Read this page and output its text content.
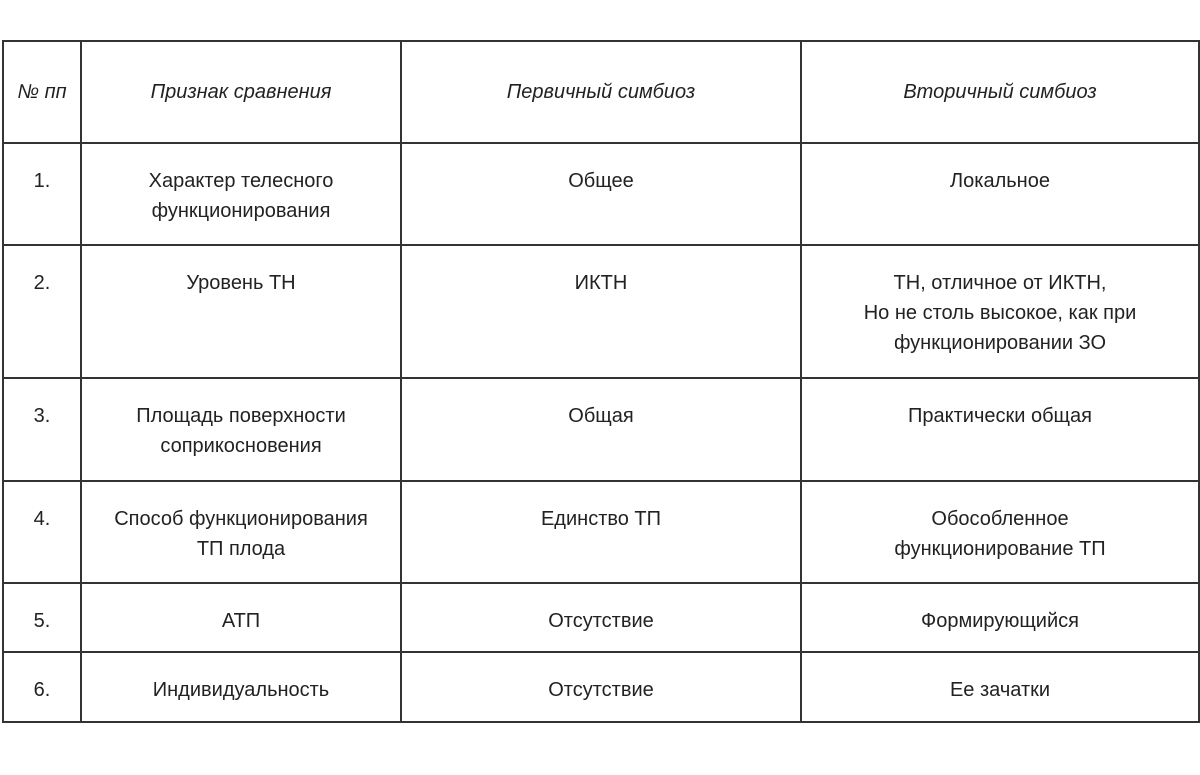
№ пп	Признак сравнения	Первичный симбиоз	Вторичный симбиоз
1.	Характер телесного
функционирования	Общее	Локальное

2.	Уровень ТН	ИКТН	ТН, отличное от ИКТН,
Но не столь высокое, как при
функционировании ЗО

3.	Площадь поверхности
соприкосновения	Общая	Практически общая

4.	Способ функционирования
ТП плода	Единство ТП	Обособленное
функционирование ТП

5.	АТП	Отсутствие	Формирующийся

6.	Индивидуальность	Отсутствие	Ее зачатки
